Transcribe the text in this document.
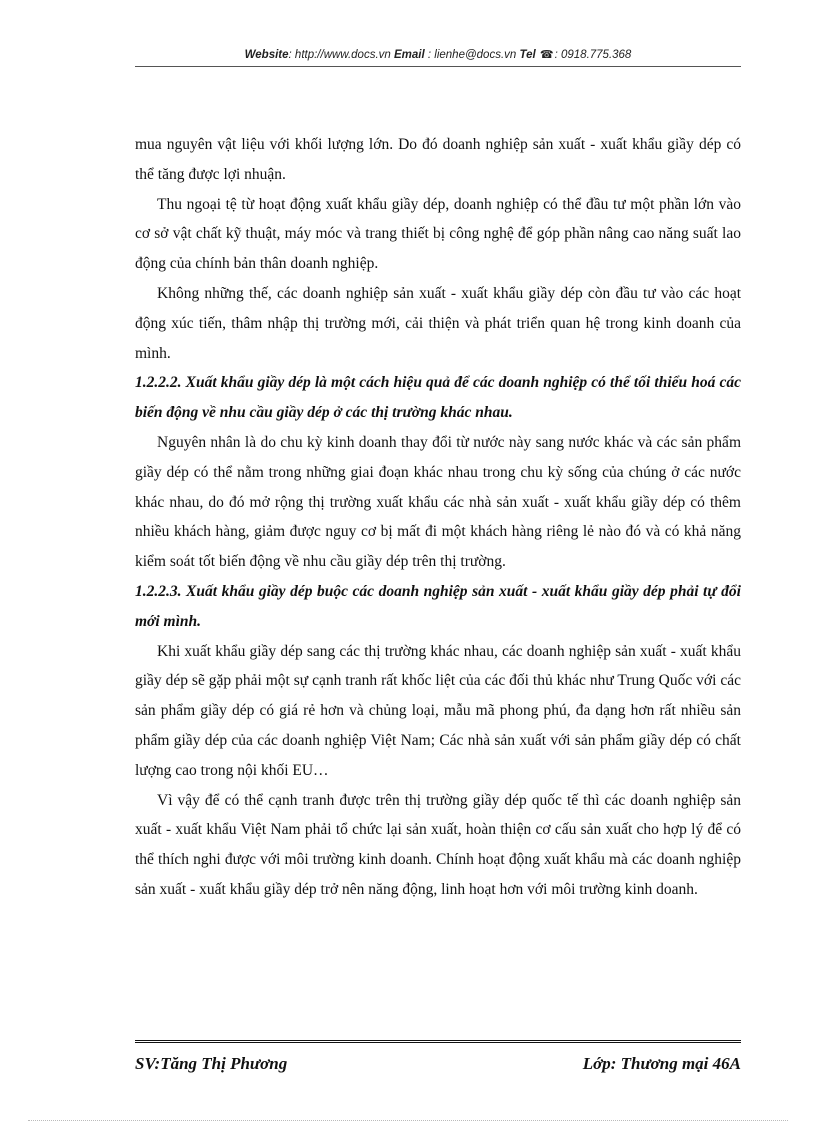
Website: http://www.docs.vn Email : lienhe@docs.vn Tel ☎: 0918.775.368

mua nguyên vật liệu với khối lượng lớn. Do đó doanh nghiệp sản xuất - xuất khẩu giầy dép có thể tăng được lợi nhuận.

Thu ngoại tệ từ hoạt động xuất khẩu giầy dép, doanh nghiệp có thể đầu tư một phần lớn vào cơ sở vật chất kỹ thuật, máy móc và trang thiết bị công nghệ để góp phần nâng cao năng suất lao động của chính bản thân doanh nghiệp.

Không những thế, các doanh nghiệp sản xuất - xuất khẩu giầy dép còn đầu tư vào các hoạt động xúc tiến, thâm nhập thị trường mới, cải thiện và phát triển quan hệ trong kinh doanh của mình.

1.2.2.2. Xuất khẩu giầy dép là một cách hiệu quả để các doanh nghiệp có thể tối thiểu hoá các biến động về nhu cầu giầy dép ở các thị trường khác nhau.

Nguyên nhân là do chu kỳ kinh doanh thay đổi từ nước này sang nước khác và các sản phẩm giầy dép có thể nằm trong những giai đoạn khác nhau trong chu kỳ sống của chúng ở các nước khác nhau, do đó mở rộng thị trường xuất khẩu các nhà sản xuất - xuất khẩu giầy dép có thêm nhiều khách hàng, giảm được nguy cơ bị mất đi một khách hàng riêng lẻ nào đó và có khả năng kiểm soát tốt biến động về nhu cầu giầy dép trên thị trường.

1.2.2.3. Xuất khẩu giầy dép buộc các doanh nghiệp sản xuất - xuất khẩu giầy dép phải tự đổi mới mình.

Khi xuất khẩu giầy dép sang các thị trường khác nhau, các doanh nghiệp sản xuất - xuất khẩu giầy dép sẽ gặp phải một sự cạnh tranh rất khốc liệt của các đối thủ khác như Trung Quốc với các sản phẩm giầy dép có giá rẻ hơn và chủng loại, mẫu mã phong phú, đa dạng hơn rất nhiều sản phẩm giầy dép của các doanh nghiệp Việt Nam; Các nhà sản xuất với sản phẩm giầy dép có chất lượng cao trong nội khối EU…

Vì vậy để có thể cạnh tranh được trên thị trường giầy dép quốc tế thì các doanh nghiệp sản xuất - xuất khẩu Việt Nam phải tổ chức lại sản xuất, hoàn thiện cơ cấu sản xuất cho hợp lý để có thể thích nghi được với môi trường kinh doanh. Chính hoạt động xuất khẩu mà các doanh nghiệp sản xuất - xuất khẩu giầy dép trở nên năng động, linh hoạt hơn với môi trường kinh doanh.

SV:Tăng Thị Phương	Lớp: Thương mại 46A
